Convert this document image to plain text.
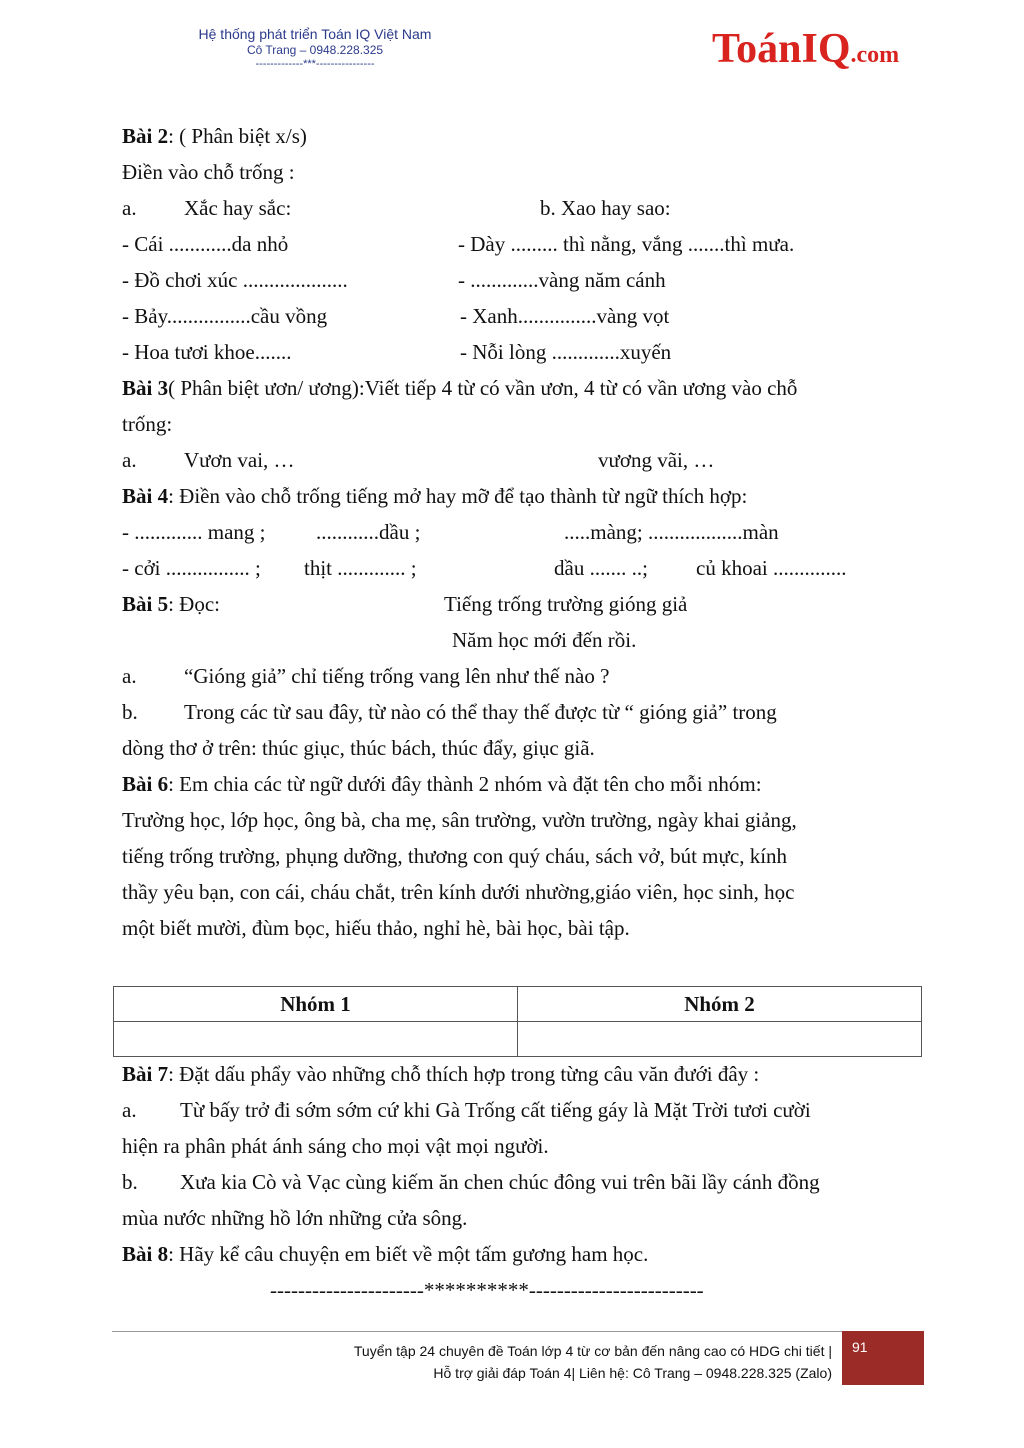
Hệ thống phát triển Toán IQ Việt Nam
Cô Trang – 0948.228.325
-------------***----------------	ToánIQ.com
Bài 2: ( Phân biệt x/s)
Điền vào chỗ trống :
a. Xắc hay sắc:	b. Xao hay sao:
- Cái ............da nhỏ	- Dày ......... thì nằng, vắng .......thì mưa.
- Đồ chơi xúc ....................	- .............vàng năm cánh
- Bảy................cầu vồng	- Xanh...............vàng vọt
- Hoa tươi khoe.......	- Nỗi lòng .............xuyến
Bài 3( Phân biệt ươn/ ương):Viết tiếp 4 từ có vần ươn, 4 từ có vần ương vào chỗ
trống:
a. Vươn vai, …	vương vãi, …
Bài 4: Điền vào chỗ trống tiếng mở hay mỡ để tạo thành từ ngữ thích hợp:
- ............. mang ; ............dầu ;	.....màng; ..................màn
- cởi ................ ; thịt ............. ;	dầu ....... ..; củ khoai ..............
Bài 5: Đọc:	Tiếng trống trường gióng giả
Năm học mới đến rồi.
a. “Gióng giả” chỉ tiếng trống vang lên như thế nào ?
b. Trong các từ sau đây, từ nào có thể thay thế được từ “ gióng giả” trong
dòng thơ ở trên: thúc giục, thúc bách, thúc đẩy, giục giã.
Bài 6: Em chia các từ ngữ dưới đây thành 2 nhóm và đặt tên cho mỗi nhóm:
Trường học, lớp học, ông bà, cha mẹ, sân trường, vườn trường, ngày khai giảng,
tiếng trống trường, phụng dưỡng, thương con quý cháu, sách vở, bút mực, kính
thầy yêu bạn, con cái, cháu chắt, trên kính dưới nhường,giáo viên, học sinh, học
một biết mười, đùm bọc, hiếu thảo, nghỉ hè, bài học, bài tập.
Nhóm 1	Nhóm 2

Bài 7: Đặt dấu phẩy vào những chỗ thích hợp trong từng câu văn đưới đây :
a. Từ bấy trở đi sớm sớm cứ khi Gà Trống cất tiếng gáy là Mặt Trời tươi cười
hiện ra phân phát ánh sáng cho mọi vật mọi người.
b. Xưa kia Cò và Vạc cùng kiếm ăn chen chúc đông vui trên bãi lầy cánh đồng
mùa nước những hồ lớn những cửa sông.
Bài 8: Hãy kể câu chuyện em biết về một tấm gương ham học.
----------------------**********-------------------------
Tuyển tập 24 chuyên đề Toán lớp 4 từ cơ bản đến nâng cao có HDG chi tiết |
Hỗ trợ giải đáp Toán 4| Liên hệ: Cô Trang – 0948.228.325 (Zalo)
91
